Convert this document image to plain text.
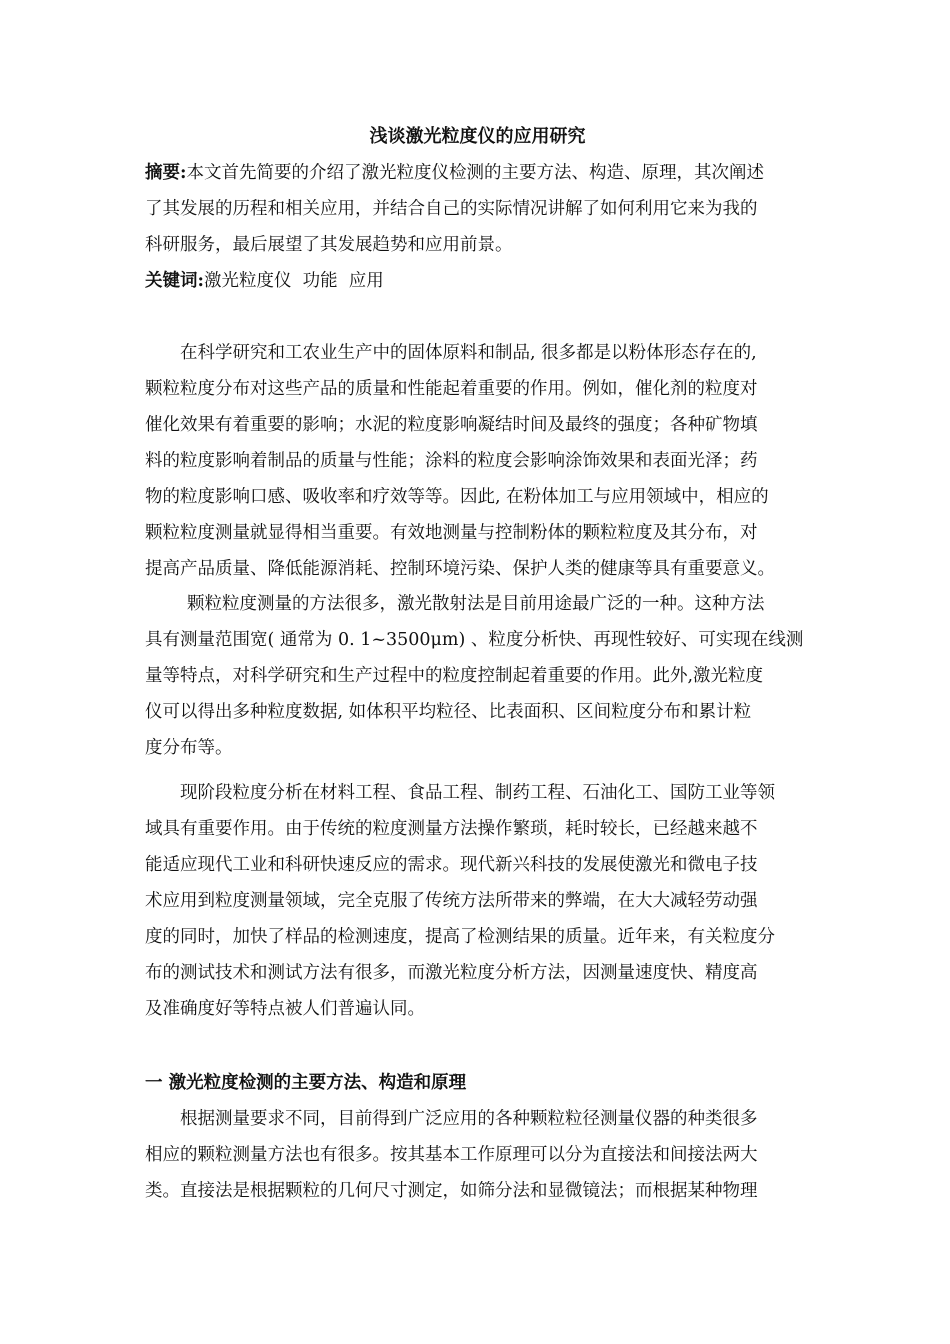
浅谈激光粒度仪的应用研究
摘要:本文首先简要的介绍了激光粒度仪检测的主要方法、构造、原理，其次阐述
了其发展的历程和相关应用，并结合自己的实际情况讲解了如何利用它来为我的
科研服务，最后展望了其发展趋势和应用前景。
关键词:激光粒度仪  功能  应用
在科学研究和工农业生产中的固体原料和制品, 很多都是以粉体形态存在的,
颗粒粒度分布对这些产品的质量和性能起着重要的作用。例如，催化剂的粒度对
催化效果有着重要的影响；水泥的粒度影响凝结时间及最终的强度；各种矿物填
料的粒度影响着制品的质量与性能；涂料的粒度会影响涂饰效果和表面光泽；药
物的粒度影响口感、吸收率和疗效等等。因此, 在粉体加工与应用领域中，相应的
颗粒粒度测量就显得相当重要。有效地测量与控制粉体的颗粒粒度及其分布，对
提高产品质量、降低能源消耗、控制环境污染、保护人类的健康等具有重要意义。
颗粒粒度测量的方法很多，激光散射法是目前用途最广泛的一种。这种方法
具有测量范围宽( 通常为 0. 1~3500μm) 、粒度分析快、再现性较好、可实现在线测
量等特点，对科学研究和生产过程中的粒度控制起着重要的作用。此外,激光粒度
仪可以得出多种粒度数据, 如体积平均粒径、比表面积、区间粒度分布和累计粒
度分布等。
现阶段粒度分析在材料工程、食品工程、制药工程、石油化工、国防工业等领
域具有重要作用。由于传统的粒度测量方法操作繁琐，耗时较长，已经越来越不
能适应现代工业和科研快速反应的需求。现代新兴科技的发展使激光和微电子技
术应用到粒度测量领域，完全克服了传统方法所带来的弊端，在大大减轻劳动强
度的同时，加快了样品的检测速度，提高了检测结果的质量。近年来，有关粒度分
布的测试技术和测试方法有很多，而激光粒度分析方法，因测量速度快、精度高
及准确度好等特点被人们普遍认同。
一 激光粒度检测的主要方法、构造和原理
根据测量要求不同，目前得到广泛应用的各种颗粒粒径测量仪器的种类很多
相应的颗粒测量方法也有很多。按其基本工作原理可以分为直接法和间接法两大
类。直接法是根据颗粒的几何尺寸测定，如筛分法和显微镜法；而根据某种物理
